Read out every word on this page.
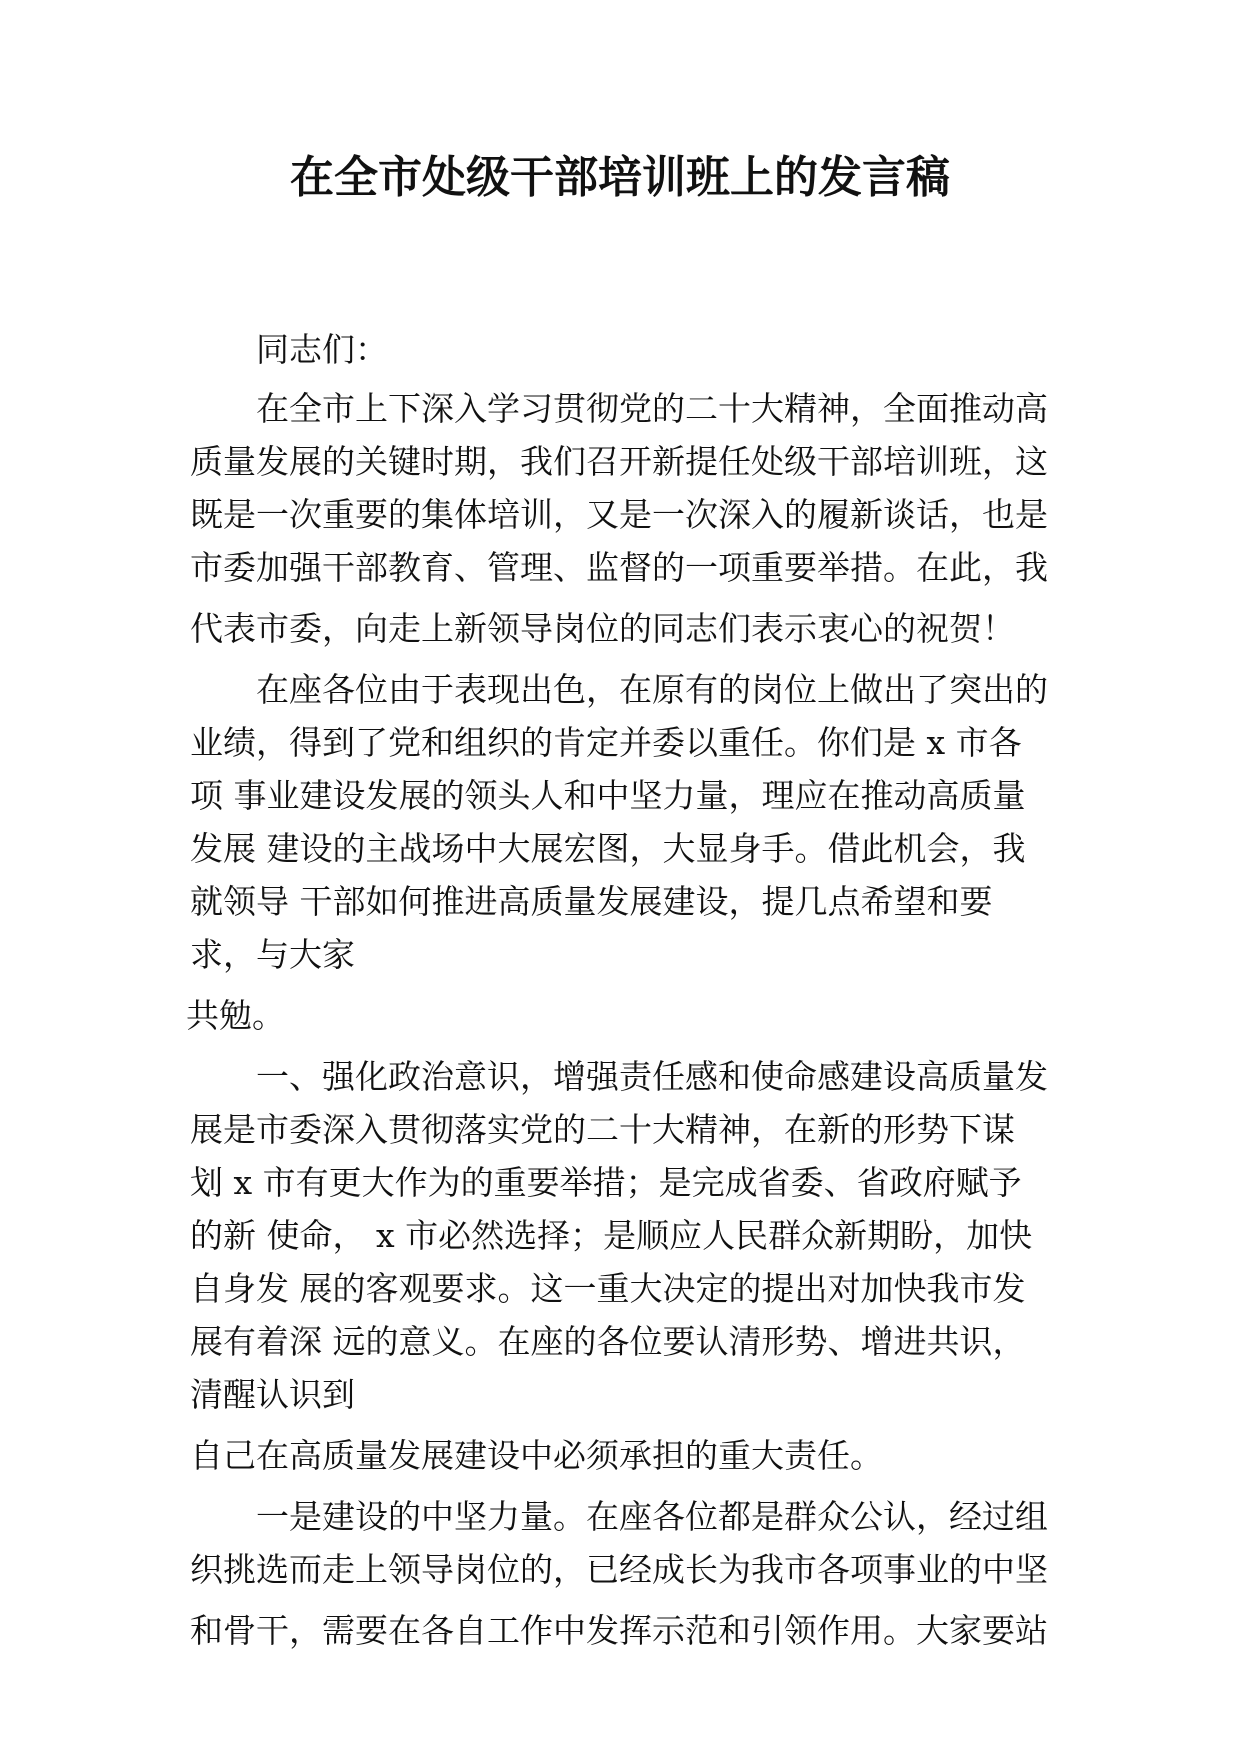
在全市处级干部培训班上的发言稿

同志们：

在全市上下深入学习贯彻党的二十大精神，全面推动高

质量发展的关键时期，我们召开新提任处级干部培训班，这

既是一次重要的集体培训，又是一次深入的履新谈话，也是

市委加强干部教育、管理、监督的一项重要举措。在此，我

代表市委，向走上新领导岗位的同志们表示衷心的祝贺！

在座各位由于表现出色，在原有的岗位上做出了突出的

业绩，得到了党和组织的肯定并委以重任。你们是 x 市各

项 事业建设发展的领头人和中坚力量，理应在推动高质量

发展 建设的主战场中大展宏图，大显身手。借此机会，我

就领导 干部如何推进高质量发展建设，提几点希望和要

求，与大家

共勉。

一、强化政治意识，增强责任感和使命感建设高质量发

展是市委深入贯彻落实党的二十大精神，在新的形势下谋

划 x 市有更大作为的重要举措；是完成省委、省政府赋予

的新 使命， x 市必然选择；是顺应人民群众新期盼，加快

自身发 展的客观要求。这一重大决定的提出对加快我市发

展有着深 远的意义。在座的各位要认清形势、增进共识，

清醒认识到

自己在高质量发展建设中必须承担的重大责任。

一是建设的中坚力量。在座各位都是群众公认，经过组

织挑选而走上领导岗位的，已经成长为我市各项事业的中坚

和骨干，需要在各自工作中发挥示范和引领作用。大家要站
